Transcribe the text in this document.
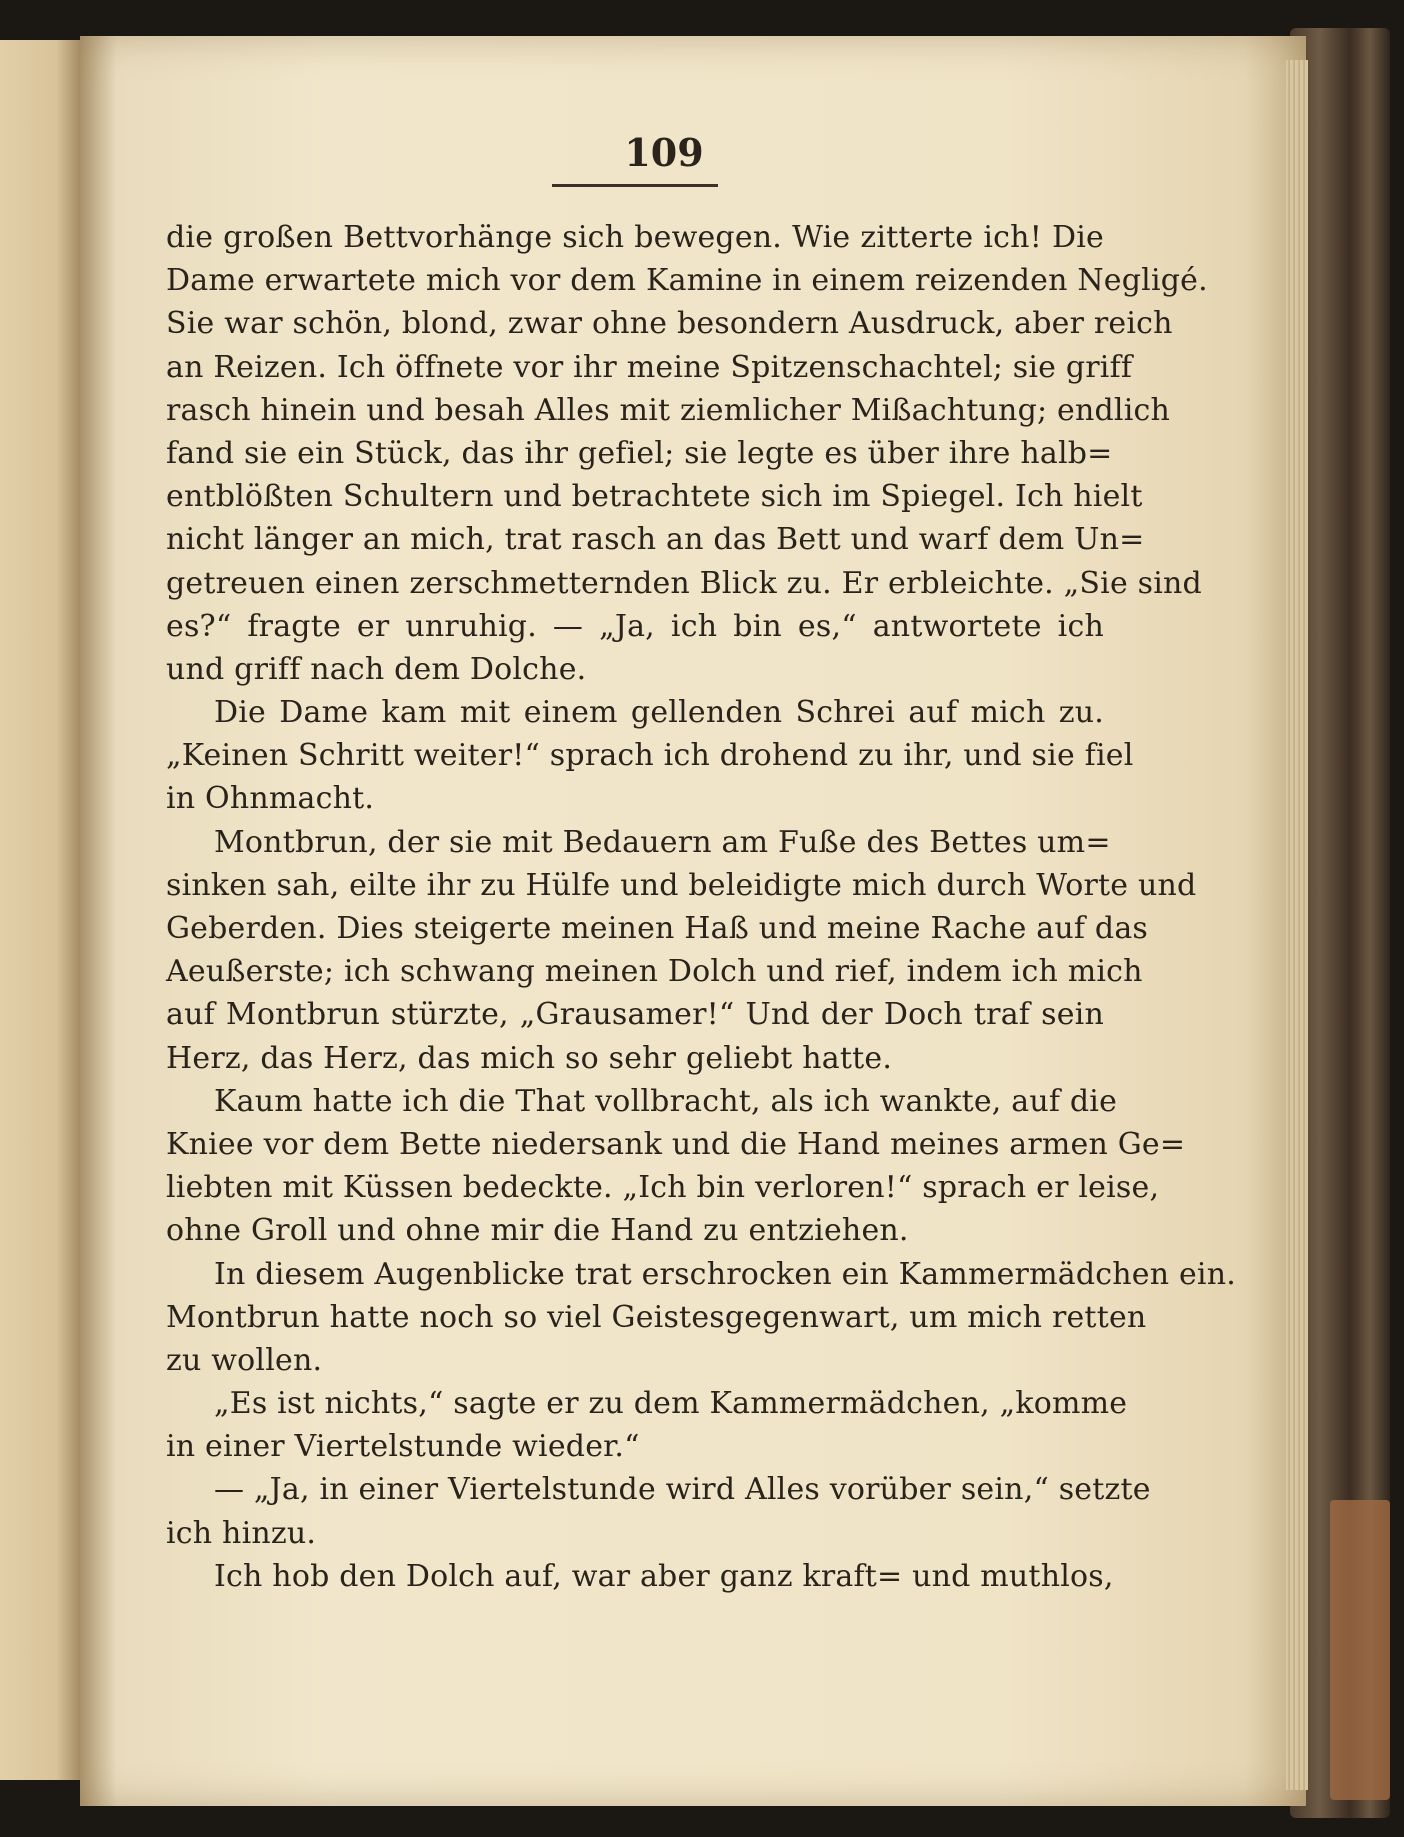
109
die großen Bettvorhänge sich bewegen. Wie zitterte ich! Die
Dame erwartete mich vor dem Kamine in einem reizenden Negligé.
Sie war schön, blond, zwar ohne besondern Ausdruck, aber reich
an Reizen. Ich öffnete vor ihr meine Spitzenschachtel; sie griff
rasch hinein und besah Alles mit ziemlicher Mißachtung; endlich
fand sie ein Stück, das ihr gefiel; sie legte es über ihre halb=
entblößten Schultern und betrachtete sich im Spiegel. Ich hielt
nicht länger an mich, trat rasch an das Bett und warf dem Un=
getreuen einen zerschmetternden Blick zu. Er erbleichte. „Sie sind
es?“ fragte er unruhig. — „Ja, ich bin es,“ antwortete ich
und griff nach dem Dolche.
Die Dame kam mit einem gellenden Schrei auf mich zu.
„Keinen Schritt weiter!“ sprach ich drohend zu ihr, und sie fiel
in Ohnmacht.
Montbrun, der sie mit Bedauern am Fuße des Bettes um=
sinken sah, eilte ihr zu Hülfe und beleidigte mich durch Worte und
Geberden. Dies steigerte meinen Haß und meine Rache auf das
Aeußerste; ich schwang meinen Dolch und rief, indem ich mich
auf Montbrun stürzte, „Grausamer!“ Und der Doch traf sein
Herz, das Herz, das mich so sehr geliebt hatte.
Kaum hatte ich die That vollbracht, als ich wankte, auf die
Kniee vor dem Bette niedersank und die Hand meines armen Ge=
liebten mit Küssen bedeckte. „Ich bin verloren!“ sprach er leise,
ohne Groll und ohne mir die Hand zu entziehen.
In diesem Augenblicke trat erschrocken ein Kammermädchen ein.
Montbrun hatte noch so viel Geistesgegenwart, um mich retten
zu wollen.
„Es ist nichts,“ sagte er zu dem Kammermädchen, „komme
in einer Viertelstunde wieder.“
— „Ja, in einer Viertelstunde wird Alles vorüber sein,“ setzte
ich hinzu.
Ich hob den Dolch auf, war aber ganz kraft= und muthlos,
